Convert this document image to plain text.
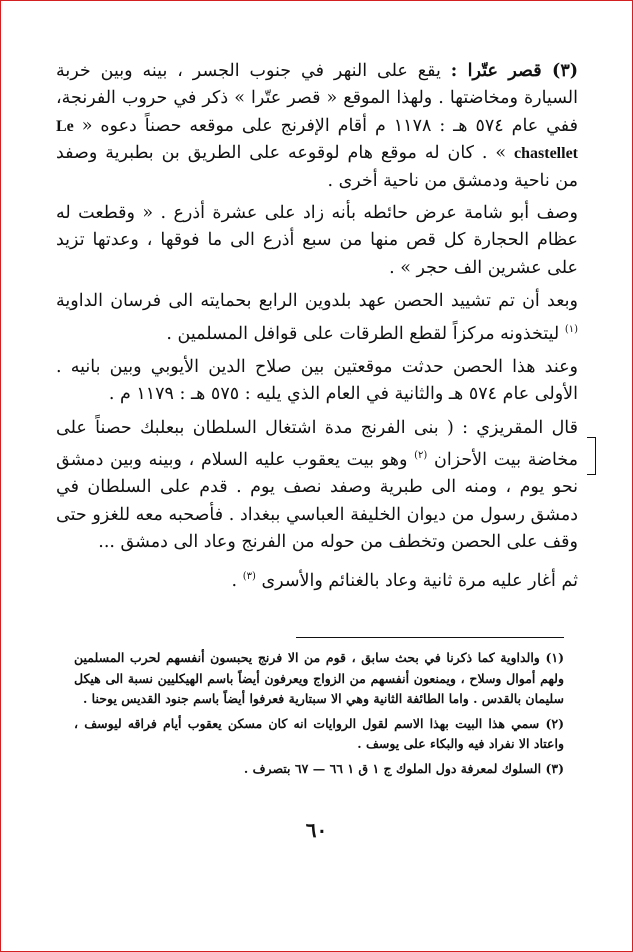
(٣) قصر عتّرا : يقع على النهر في جنوب الجسر ، بينه وبين خربة السيارة ومخاضتها . ولهذا الموقع « قصر عتّرا » ذكر في حروب الفرنجة، ففي عام ٥٧٤ هـ : ١١٧٨ م أقام الإفرنج على موقعه حصناً دعوه « Le chastellet » . كان له موقع هام لوقوعه على الطريق بن بطبرية وصفد من ناحية ودمشق من ناحية أخرى .

وصف أبو شامة عرض حائطه بأنه زاد على عشرة أذرع . « وقطعت له عظام الحجارة كل قص منها من سبع أذرع الى ما فوقها ، وعدتها تزيد على عشرين الف حجر » .

وبعد أن تم تشييد الحصن عهد بلدوين الرابع بحمايته الى فرسان الداوية $^{(١)}$ ليتخذونه مركزاً لقطع الطرقات على قوافل المسلمين .

وعند هذا الحصن حدثت موقعتين بين صلاح الدين الأيوبي وبين بانيه . الأولى عام ٥٧٤ هـ والثانية في العام الذي يليه : ٥٧٥ هـ : ١١٧٩ م .

قال المقريزي : ( بنى الفرنج مدة اشتغال السلطان ببعلبك حصناً على مخاضة بيت الأحزان $^{(٢)}$ وهو بيت يعقوب عليه السلام ، وبينه وبين دمشق نحو يوم ، ومنه الى طبرية وصفد نصف يوم . قدم على السلطان في دمشق رسول من ديوان الخليفة العباسي ببغداد . فأصحبه معه للغزو حتى وقف على الحصن وتخطف من حوله من الفرنج وعاد الى دمشق ...

ثم أغار عليه مرة ثانية وعاد بالغنائم والأسرى $^{(٣)}$ .

(١) والداوية كما ذكرنا في بحث سابق ، قوم من الا فرنج يحبسون أنفسهم لحرب المسلمين ولهم أموال وسلاح ، ويمنعون أنفسهم من الزواج ويعرفون أيضاً باسم الهيكليين نسبة الى هيكل سليمان بالقدس . واما الطائفة الثانية وهي الا سبتارية فعرفوا أيضاً باسم جنود القديس يوحنا .

(٢) سمي هذا البيت بهذا الاسم لقول الروايات انه كان مسكن يعقوب أيام فراقه ليوسف ، واعتاد الا نفراد فيه والبكاء على يوسف .

(٣) السلوك لمعرفة دول الملوك ج ١ ق ١ ٦٦ — ٦٧ بتصرف .

٦٠
